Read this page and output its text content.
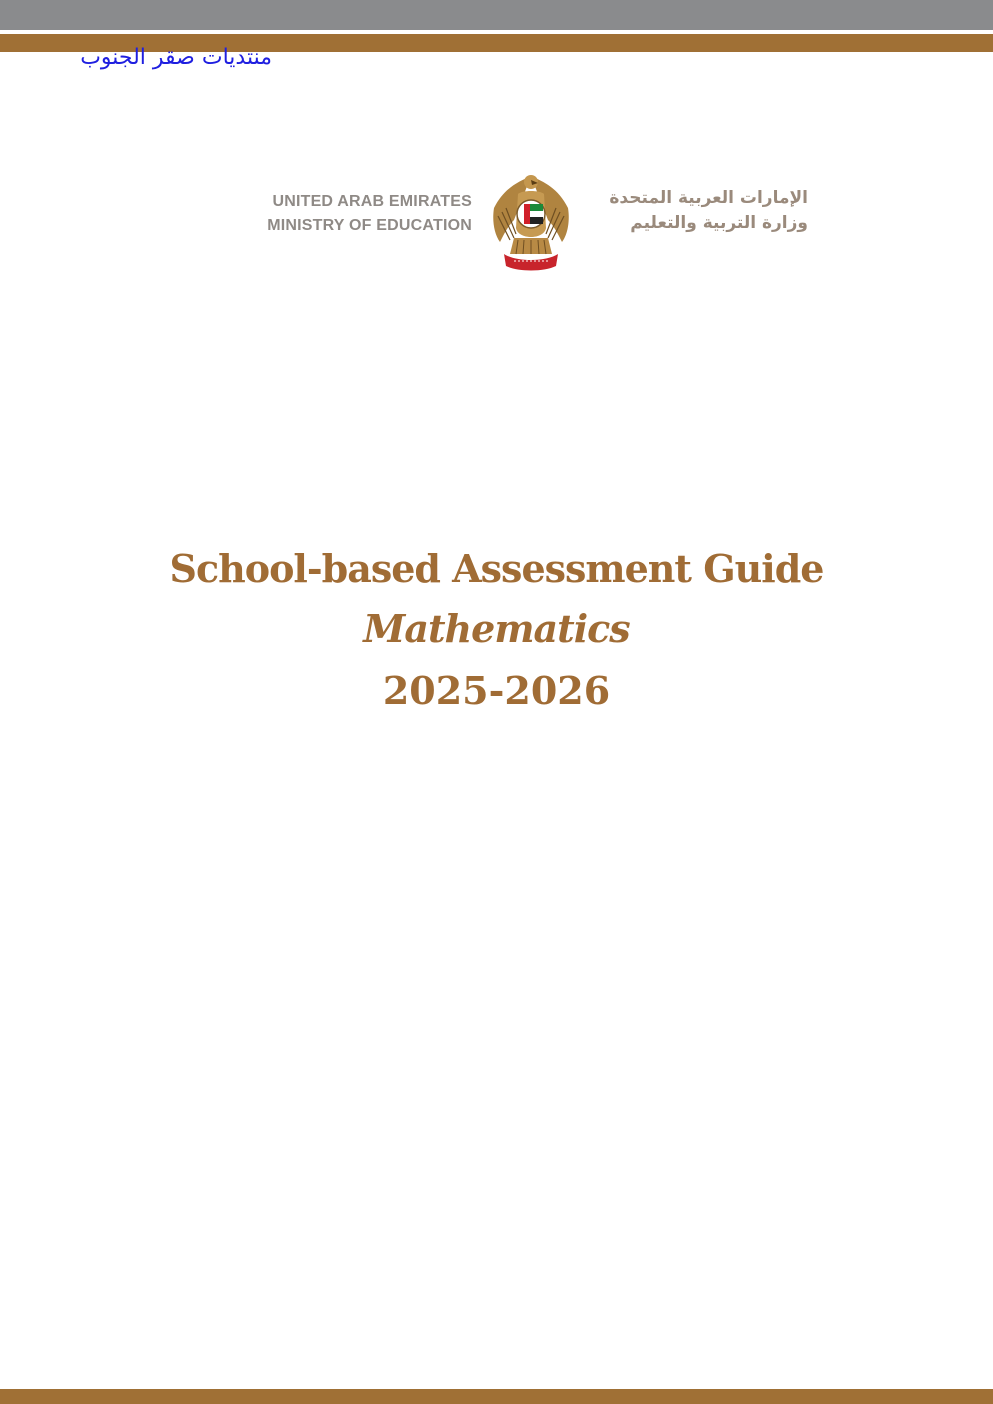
منتديات صقر الجنوب
UNITED ARAB EMIRATES
MINISTRY OF EDUCATION
الإمارات العربية المتحدة
وزارة التربية والتعليم
School-based Assessment Guide
Mathematics
2025-2026
